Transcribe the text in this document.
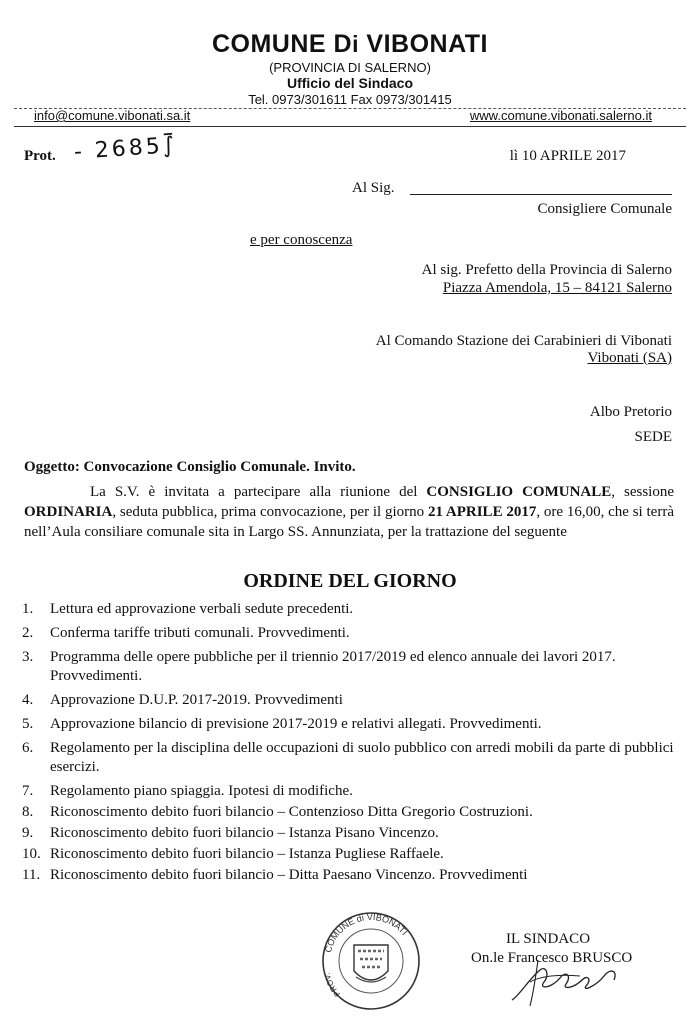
COMUNE Di VIBONATI
(PROVINCIA DI SALERNO)
Ufficio del Sindaco
Tel. 0973/301611 Fax 0973/301415
info@comune.vibonati.sa.it	www.comune.vibonati.salerno.it
Prot. - 2685⨛	lì 10 APRILE 2017
Al Sig.
Consigliere Comunale
e per conoscenza
Al sig. Prefetto della Provincia di Salerno
Piazza Amendola, 15 – 84121 Salerno
Al Comando Stazione dei Carabinieri di Vibonati
Vibonati (SA)
Albo Pretorio
SEDE
Oggetto: Convocazione Consiglio Comunale. Invito.
La S.V. è invitata a partecipare alla riunione del CONSIGLIO COMUNALE, sessione ORDINARIA, seduta pubblica, prima convocazione, per il giorno 21 APRILE 2017, ore 16,00, che si terrà nell’Aula consiliare comunale sita in Largo SS. Annunziata, per la trattazione del seguente
ORDINE DEL GIORNO
1.	Lettura ed approvazione verbali sedute precedenti.
2.	Conferma tariffe tributi comunali. Provvedimenti.
3.	Programma delle opere pubbliche per il triennio 2017/2019 ed elenco annuale dei lavori 2017. Provvedimenti.
4.	Approvazione D.U.P. 2017-2019. Provvedimenti
5.	Approvazione bilancio di previsione 2017-2019 e relativi allegati. Provvedimenti.
6.	Regolamento per la disciplina delle occupazioni di suolo pubblico con arredi mobili da parte di pubblici esercizi.
7.	Regolamento piano spiaggia. Ipotesi di modifiche.
8.	Riconoscimento debito fuori bilancio – Contenzioso Ditta Gregorio Costruzioni.
9.	Riconoscimento debito fuori bilancio – Istanza Pisano Vincenzo.
10. Riconoscimento debito fuori bilancio – Istanza Pugliese Raffaele.
11. Riconoscimento debito fuori bilancio – Ditta Paesano Vincenzo. Provvedimenti
COMUNE di VIBONATI
PROV.
IL SINDACO
On.le Francesco BRUSCO
